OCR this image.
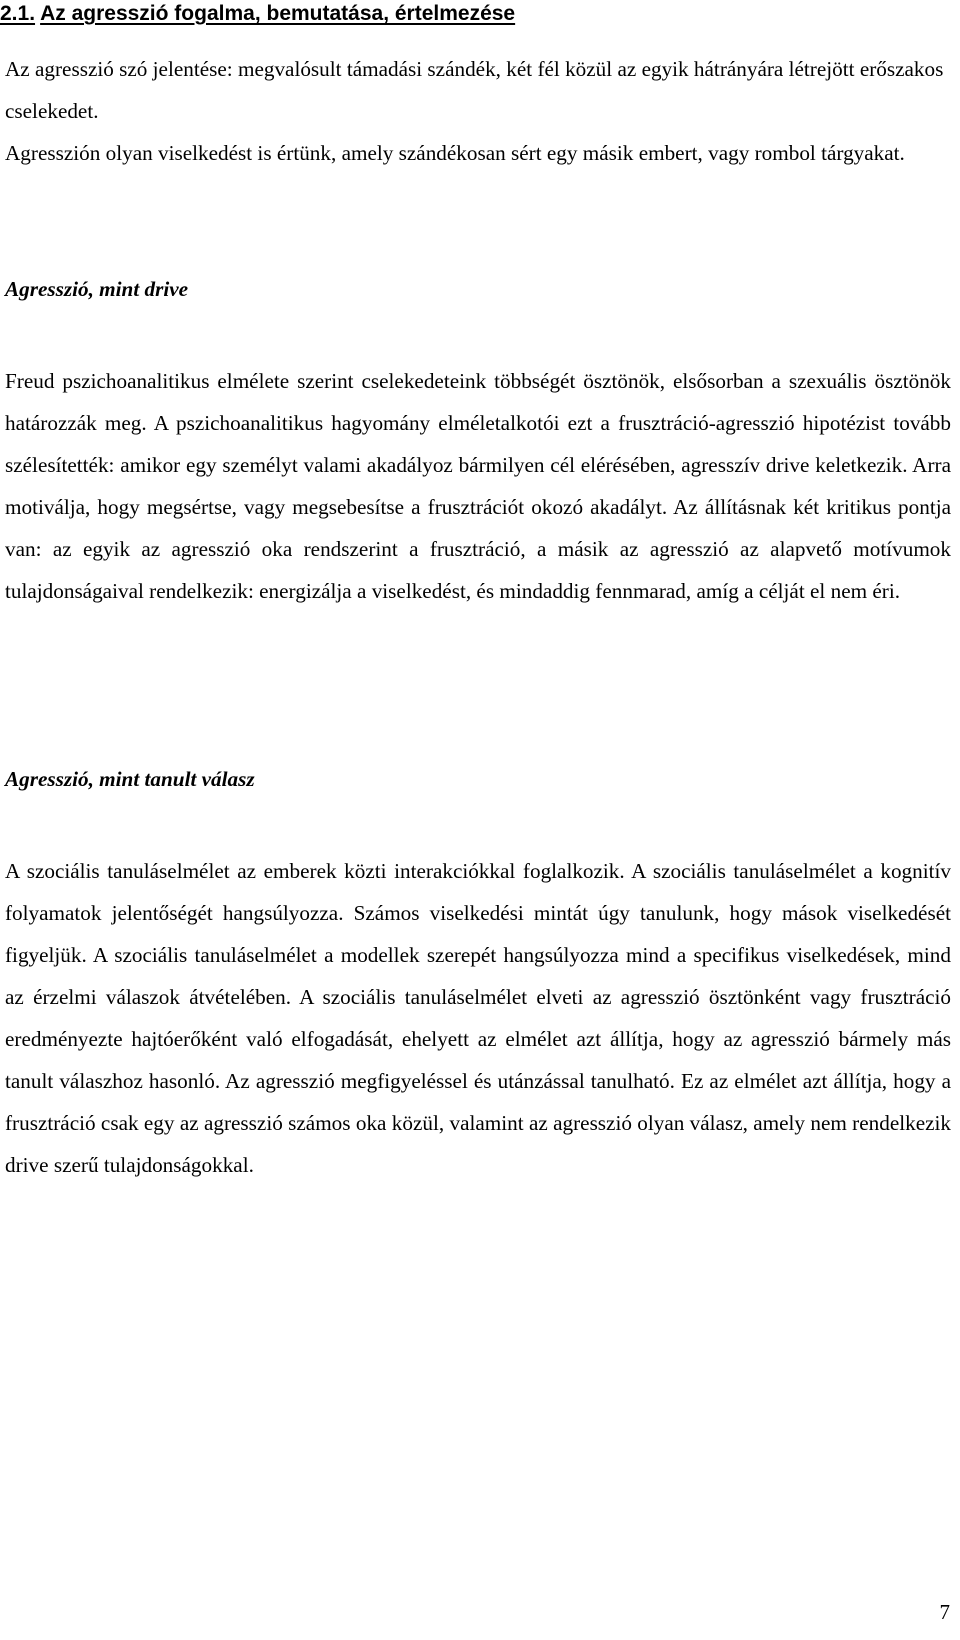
2.1. Az agresszió fogalma, bemutatása, értelmezése

Az agresszió szó jelentése: megvalósult támadási szándék, két fél közül az egyik hátrányára létrejött erőszakos cselekedet.

Agresszión olyan viselkedést is értünk, amely szándékosan sért egy másik embert, vagy rombol tárgyakat.

Agresszió, mint drive

Freud pszichoanalitikus elmélete szerint cselekedeteink többségét ösztönök, elsősorban a szexuális ösztönök határozzák meg. A pszichoanalitikus hagyomány elméletalkotói ezt a frusztráció-agresszió hipotézist tovább szélesítették: amikor egy személyt valami akadályoz bármilyen cél elérésében, agresszív drive keletkezik. Arra motiválja, hogy megsértse, vagy megsebesítse a frusztrációt okozó akadályt. Az állításnak két kritikus pontja van: az egyik az agresszió oka rendszerint a frusztráció, a másik az agresszió az alapvető motívumok tulajdonságaival rendelkezik: energizálja a viselkedést, és mindaddig fennmarad, amíg a célját el nem éri.

Agresszió, mint tanult válasz

A szociális tanuláselmélet az emberek közti interakciókkal foglalkozik. A szociális tanuláselmélet a kognitív folyamatok jelentőségét hangsúlyozza. Számos viselkedési mintát úgy tanulunk, hogy mások viselkedését figyeljük. A szociális tanuláselmélet a modellek szerepét hangsúlyozza mind a specifikus viselkedések, mind az érzelmi válaszok átvételében. A szociális tanuláselmélet elveti az agresszió ösztönként vagy frusztráció eredményezte hajtóerőként való elfogadását, ehelyett az elmélet azt állítja, hogy az agresszió bármely más tanult válaszhoz hasonló. Az agresszió megfigyeléssel és utánzással tanulható. Ez az elmélet azt állítja, hogy a frusztráció csak egy az agresszió számos oka közül, valamint az agresszió olyan válasz, amely nem rendelkezik drive szerű tulajdonságokkal.

7
